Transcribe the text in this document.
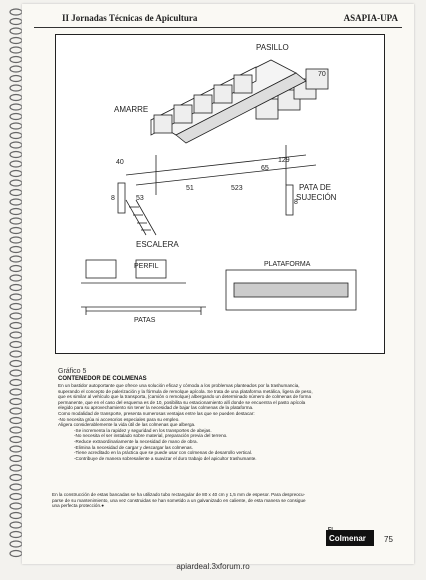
II Jornadas Técnicas de Apicultura	ASAPIA-UPA
PASILLO
AMARRE
PATA DE
SUJECIÓN
ESCALERA
PERFIL	PLATAFORMA
PATAS
70
40	129
53
51	523
65
8
8
Gráfico 5
CONTENEDOR DE COLMENAS

En un bastidor autoportante que ofrece una solución eficaz y cómoda a los problemas planteados por la trashumancia,

superando el concepto de palerización y la fórmula de remolque apícola. Se trata de una plataforma metálica, ligera de peso,

que es similar al vehículo que la transporta, (camión o remolque) albergando un determinado número de colmenas de forma

permanente, que en el caso del esquema es de 10, posibilita su estacionamiento allí donde se encuentra el pasto apícola

elegido para su aprovechamiento sin tener la necesidad de bajar las colmenas de la plataforma.

Como modalidad de transporte, presenta numerosas ventajas entre las que se pueden destacar:

-No necesita grúa ni accesorios especiales para su empleo.

Aligera considerablemente la vida útil de las colmenas que alberga.

-Se incrementa la rapidez y seguridad en los transportes de abejas.

-No necesita el ser instalado sobre material, preparación previa del terreno.

-Reduce extraordinariamente la necesidad de mano de obra.

-Elimina la necesidad de cargar y descargar las colmenas.

-Tiene acreditado en la práctica que se puede usar con colmenas de desarrollo vertical.

-Contribuye de manera sobresaliente a suavizar el duro trabajo del apicultor trashumante.

En la construcción de estas bancadas se ha utilizado tubo rectangular de 80 x 40 cm y 1,5 mm de espesor. Para despreocu-

parse de su mantenimiento, una vez construidas se han sometido a un galvanizado en caliente, de esta manera se consigue

una perfecta protección.●

El
Colmenar 75
apiardeal.3xforum.ro
